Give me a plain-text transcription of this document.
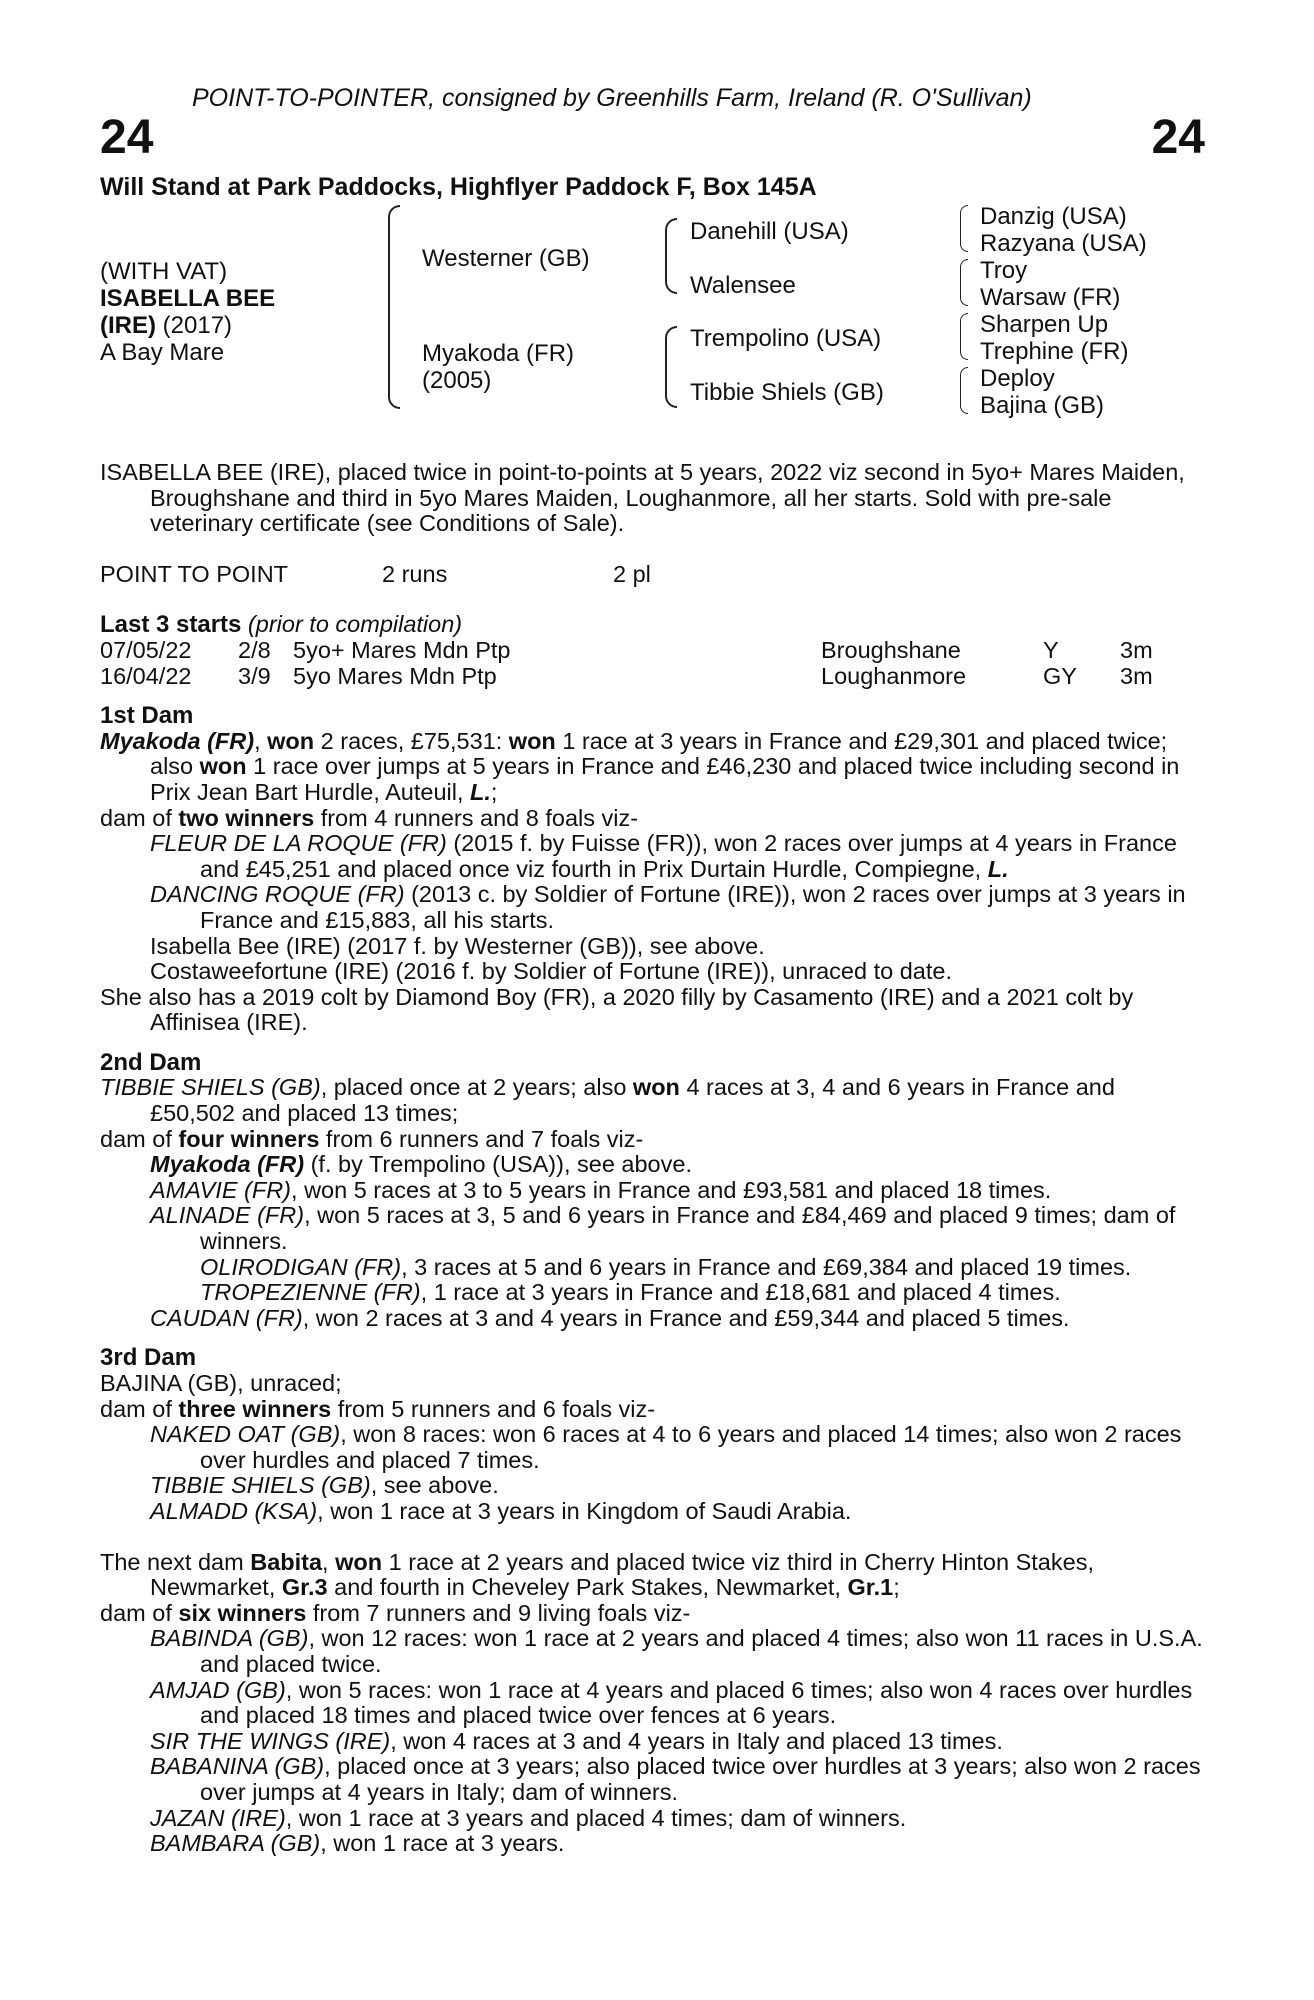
POINT-TO-POINTER, consigned by Greenhills Farm, Ireland (R. O'Sullivan)
24	24
Will Stand at Park Paddocks, Highflyer Paddock F, Box 145A
(WITH VAT)
ISABELLA BEE
(IRE) (2017)
A Bay Mare
Westerner (GB)
Myakoda (FR)
(2005)
Danehill (USA)
Walensee
Trempolino (USA)
Tibbie Shiels (GB)
Danzig (USA)
Razyana (USA)
Troy
Warsaw (FR)
Sharpen Up
Trephine (FR)
Deploy
Bajina (GB)

ISABELLA BEE (IRE), placed twice in point-to-points at 5 years, 2022 viz second in 5yo+ Mares Maiden, Broughshane and third in 5yo Mares Maiden, Loughanmore, all her starts. Sold with pre-sale veterinary certificate (see Conditions of Sale).

POINT TO POINT	2 runs	2 pl
Last 3 starts (prior to compilation)
07/05/22	2/8 5yo+ Mares Mdn Ptp	Broughshane	Y	3m
16/04/22	3/9 5yo Mares Mdn Ptp	Loughanmore	GY	3m
1st Dam

Myakoda (FR), won 2 races, £75,531: won 1 race at 3 years in France and £29,301 and placed twice; also won 1 race over jumps at 5 years in France and £46,230 and placed twice including second in Prix Jean Bart Hurdle, Auteuil, L.;

dam of two winners from 4 runners and 8 foals viz-

FLEUR DE LA ROQUE (FR) (2015 f. by Fuisse (FR)), won 2 races over jumps at 4 years in France and £45,251 and placed once viz fourth in Prix Durtain Hurdle, Compiegne, L.

DANCING ROQUE (FR) (2013 c. by Soldier of Fortune (IRE)), won 2 races over jumps at 3 years in France and £15,883, all his starts.

Isabella Bee (IRE) (2017 f. by Westerner (GB)), see above.

Costaweefortune (IRE) (2016 f. by Soldier of Fortune (IRE)), unraced to date.

She also has a 2019 colt by Diamond Boy (FR), a 2020 filly by Casamento (IRE) and a 2021 colt by Affinisea (IRE).

2nd Dam

TIBBIE SHIELS (GB), placed once at 2 years; also won 4 races at 3, 4 and 6 years in France and £50,502 and placed 13 times;

dam of four winners from 6 runners and 7 foals viz-

Myakoda (FR) (f. by Trempolino (USA)), see above.

AMAVIE (FR), won 5 races at 3 to 5 years in France and £93,581 and placed 18 times.

ALINADE (FR), won 5 races at 3, 5 and 6 years in France and £84,469 and placed 9 times; dam of winners.

OLIRODIGAN (FR), 3 races at 5 and 6 years in France and £69,384 and placed 19 times.

TROPEZIENNE (FR), 1 race at 3 years in France and £18,681 and placed 4 times.

CAUDAN (FR), won 2 races at 3 and 4 years in France and £59,344 and placed 5 times.

3rd Dam

BAJINA (GB), unraced;

dam of three winners from 5 runners and 6 foals viz-

NAKED OAT (GB), won 8 races: won 6 races at 4 to 6 years and placed 14 times; also won 2 races over hurdles and placed 7 times.

TIBBIE SHIELS (GB), see above.

ALMADD (KSA), won 1 race at 3 years in Kingdom of Saudi Arabia.

The next dam Babita, won 1 race at 2 years and placed twice viz third in Cherry Hinton Stakes, Newmarket, Gr.3 and fourth in Cheveley Park Stakes, Newmarket, Gr.1;

dam of six winners from 7 runners and 9 living foals viz-

BABINDA (GB), won 12 races: won 1 race at 2 years and placed 4 times; also won 11 races in U.S.A. and placed twice.

AMJAD (GB), won 5 races: won 1 race at 4 years and placed 6 times; also won 4 races over hurdles and placed 18 times and placed twice over fences at 6 years.

SIR THE WINGS (IRE), won 4 races at 3 and 4 years in Italy and placed 13 times.

BABANINA (GB), placed once at 3 years; also placed twice over hurdles at 3 years; also won 2 races over jumps at 4 years in Italy; dam of winners.

JAZAN (IRE), won 1 race at 3 years and placed 4 times; dam of winners.

BAMBARA (GB), won 1 race at 3 years.
